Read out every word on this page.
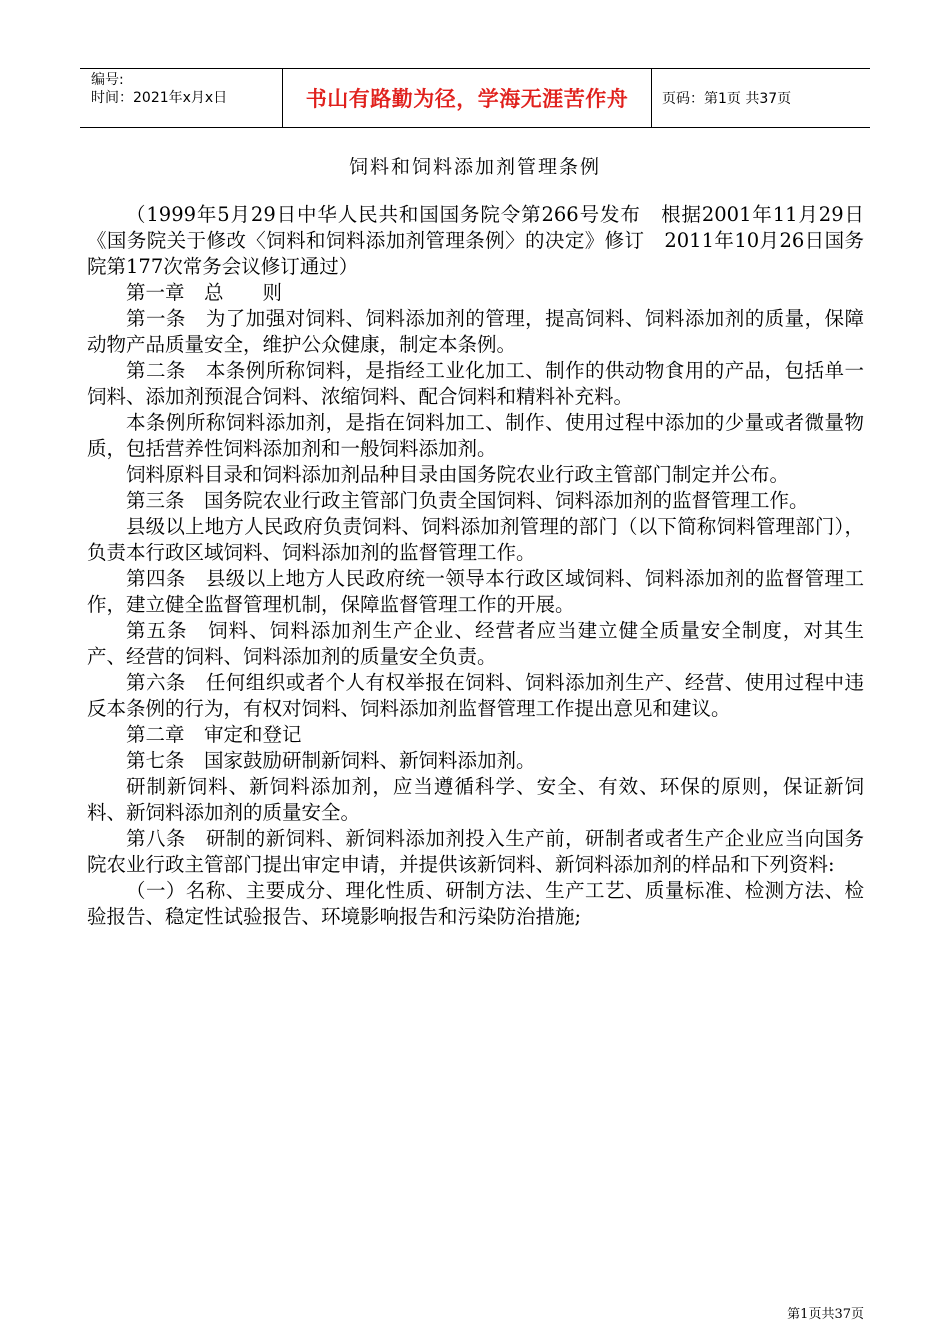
编号:
时间：2021年x月x日	书山有路勤为径，学海无涯苦作舟 页码：第1页 共37页
饲料和饲料添加剂管理条例

（1999年5月29日中华人民共和国国务院令第266号发布　根据2001年11月29日《国务院关于修改〈饲料和饲料添加剂管理条例〉的决定》修订　2011年10月26日国务院第177次常务会议修订通过）

第一章　总　　则

第一条　为了加强对饲料、饲料添加剂的管理，提高饲料、饲料添加剂的质量，保障动物产品质量安全，维护公众健康，制定本条例。

第二条　本条例所称饲料，是指经工业化加工、制作的供动物食用的产品，包括单一饲料、添加剂预混合饲料、浓缩饲料、配合饲料和精料补充料。

本条例所称饲料添加剂，是指在饲料加工、制作、使用过程中添加的少量或者微量物质，包括营养性饲料添加剂和一般饲料添加剂。

饲料原料目录和饲料添加剂品种目录由国务院农业行政主管部门制定并公布。

第三条　国务院农业行政主管部门负责全国饲料、饲料添加剂的监督管理工作。

县级以上地方人民政府负责饲料、饲料添加剂管理的部门（以下简称饲料管理部门），负责本行政区域饲料、饲料添加剂的监督管理工作。

第四条　县级以上地方人民政府统一领导本行政区域饲料、饲料添加剂的监督管理工作，建立健全监督管理机制，保障监督管理工作的开展。

第五条　饲料、饲料添加剂生产企业、经营者应当建立健全质量安全制度，对其生产、经营的饲料、饲料添加剂的质量安全负责。

第六条　任何组织或者个人有权举报在饲料、饲料添加剂生产、经营、使用过程中违反本条例的行为，有权对饲料、饲料添加剂监督管理工作提出意见和建议。

第二章　审定和登记

第七条　国家鼓励研制新饲料、新饲料添加剂。

研制新饲料、新饲料添加剂，应当遵循科学、安全、有效、环保的原则，保证新饲料、新饲料添加剂的质量安全。

第八条　研制的新饲料、新饲料添加剂投入生产前，研制者或者生产企业应当向国务院农业行政主管部门提出审定申请，并提供该新饲料、新饲料添加剂的样品和下列资料:

（一）名称、主要成分、理化性质、研制方法、生产工艺、质量标准、检测方法、检验报告、稳定性试验报告、环境影响报告和污染防治措施;

第1页共37页
